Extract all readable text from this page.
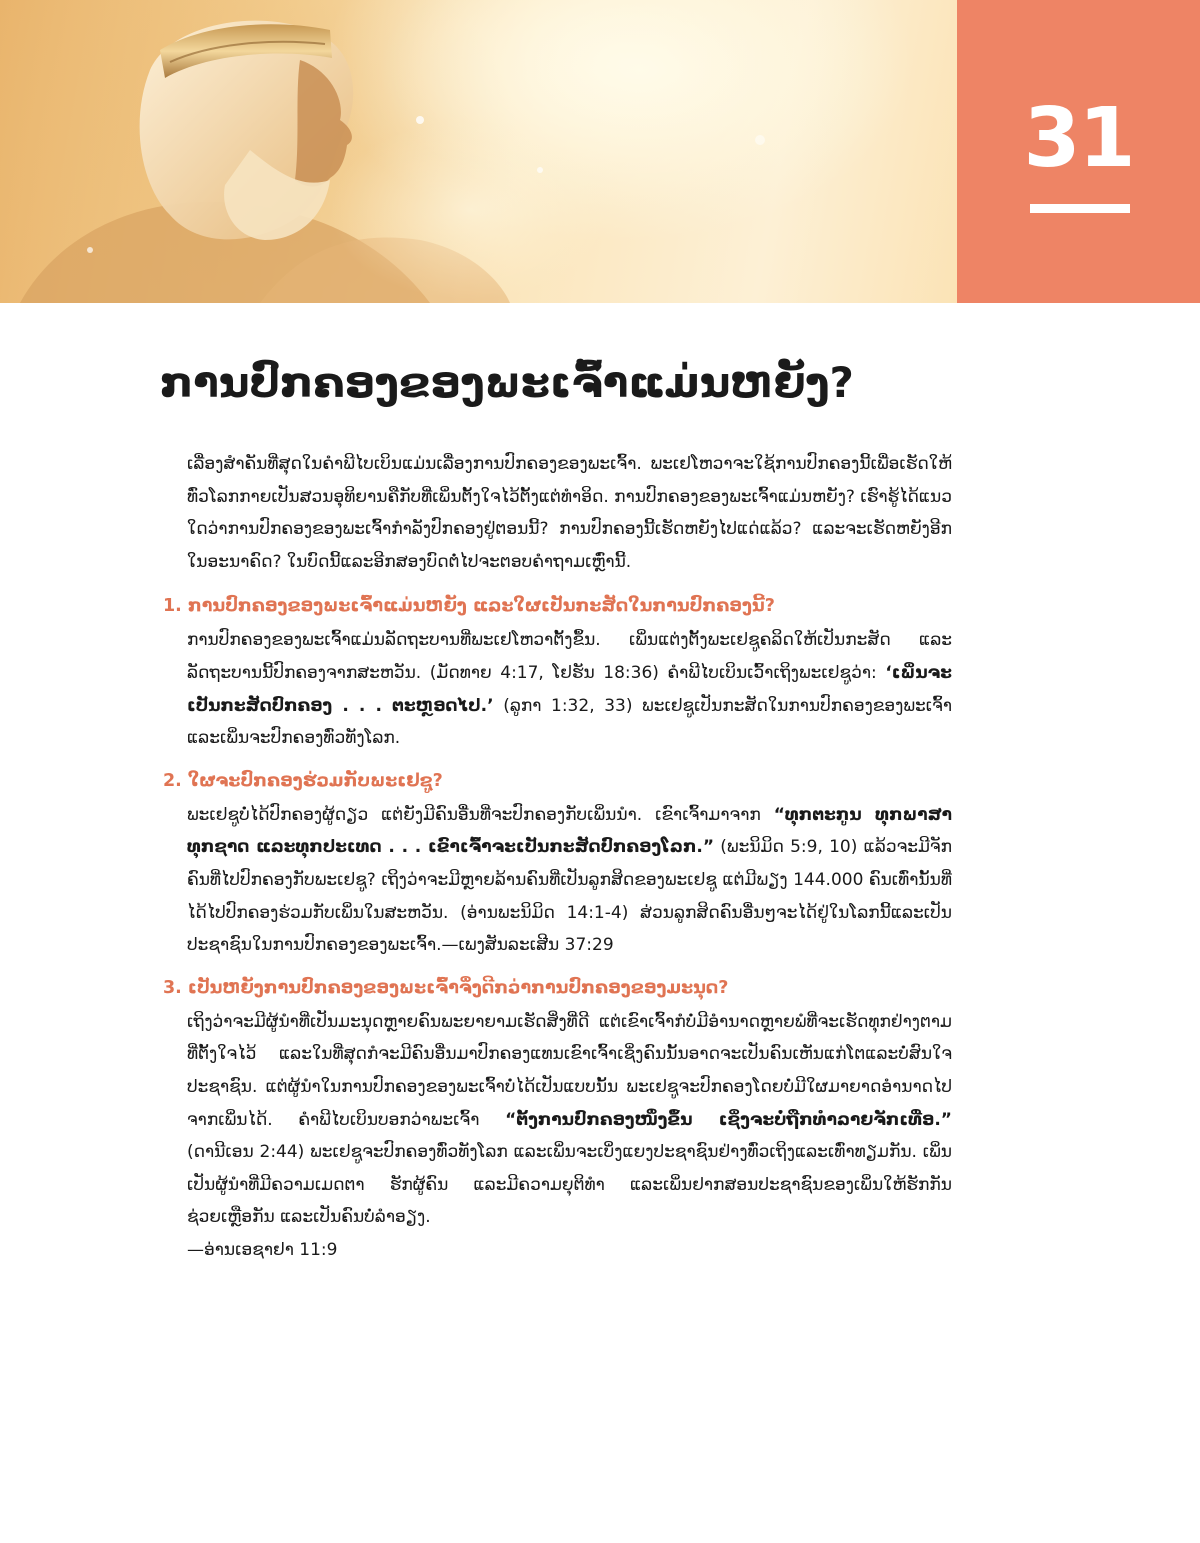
31
ການປົກຄອງຂອງພະເຈົ້າແມ່ນຫຍັງ?

ເລື່ອງສຳຄັນທີ່ສຸດໃນຄຳພີໄບເບິນແມ່ນເລື່ອງການປົກຄອງຂອງພະເຈົ້າ. ພະເຢໂຫວາຈະໃຊ້ການປົກຄອງນີ້ເພື່ອເຮັດໃຫ້ທົ່ວໂລກກາຍເປັນສວນອຸທິຍານຄືກັບທີ່ເພິ່ນຕັ້ງໃຈໄວ້ຕັ້ງແຕ່ທຳອິດ. ການປົກຄອງຂອງພະເຈົ້າແມ່ນຫຍັງ? ເຮົາຮູ້ໄດ້ແນວໃດວ່າການປົກຄອງຂອງພະເຈົ້າກຳລັງປົກຄອງຢູ່ຕອນນີ້? ການປົກຄອງນີ້ເຮັດຫຍັງໄປແດ່ແລ້ວ? ແລະຈະເຮັດຫຍັງອີກໃນອະນາຄົດ? ໃນບົດນີ້ແລະອີກສອງບົດຕໍ່ໄປຈະຕອບຄຳຖາມເຫຼົ່ານີ້.

1. ການປົກຄອງຂອງພະເຈົ້າແມ່ນຫຍັງ ແລະໃຜເປັນກະສັດໃນການປົກຄອງນີ້?

ການປົກຄອງຂອງພະເຈົ້າແມ່ນລັດຖະບານທີ່ພະເຢໂຫວາຕັ້ງຂຶ້ນ. ເພິ່ນແຕ່ງຕັ້ງພະເຢຊູຄລິດໃຫ້ເປັນກະສັດ ແລະລັດຖະບານນີ້ປົກຄອງຈາກສະຫວັນ. (ມັດທາຍ 4:17, ໂຢຮັນ 18:36) ຄຳພີໄບເບິນເວົ້າເຖິງພະເຢຊູວ່າ: ‘ເພິ່ນຈະເປັນກະສັດປົກຄອງ . . . ຕະຫຼອດໄປ.’ (ລູກາ 1:32, 33) ພະເຢຊູເປັນກະສັດໃນການປົກຄອງຂອງພະເຈົ້າ ແລະເພິ່ນຈະປົກຄອງທົ່ວທັງໂລກ.

2. ໃຜຈະປົກຄອງຮ່ວມກັບພະເຢຊູ?

ພະເຢຊູບໍ່ໄດ້ປົກຄອງຜູ້ດຽວ ແຕ່ຍັງມີຄົນອື່ນທີ່ຈະປົກຄອງກັບເພິ່ນນຳ. ເຂົາເຈົ້າມາຈາກ “ທຸກຕະກູນ ທຸກພາສາ ທຸກຊາດ ແລະທຸກປະເທດ . . . ເຂົາເຈົ້າຈະເປັນກະສັດປົກຄອງໂລກ.” (ພະນິມິດ 5:9, 10) ແລ້ວຈະມີຈັກຄົນທີ່ໄປປົກຄອງກັບພະເຢຊູ? ເຖິງວ່າຈະມີຫຼາຍລ້ານຄົນທີ່ເປັນລູກສິດຂອງພະເຢຊູ ແຕ່ມີພຽງ 144.000 ຄົນເທົ່ານັ້ນທີ່ໄດ້ໄປປົກຄອງຮ່ວມກັບເພິ່ນໃນສະຫວັນ. (ອ່ານພະນິມິດ 14:1-4) ສ່ວນລູກສິດຄົນອື່ນໆຈະໄດ້ຢູ່ໃນໂລກນີ້ແລະເປັນປະຊາຊົນໃນການປົກຄອງຂອງພະເຈົ້າ.—ເພງສັນລະເສີນ 37:29

3. ເປັນຫຍັງການປົກຄອງຂອງພະເຈົ້າຈຶ່ງດີກວ່າການປົກຄອງຂອງມະນຸດ?

ເຖິງວ່າຈະມີຜູ້ນຳທີ່ເປັນມະນຸດຫຼາຍຄົນພະຍາຍາມເຮັດສິ່ງທີ່ດີ ແຕ່ເຂົາເຈົ້າກໍບໍ່ມີອຳນາດຫຼາຍພໍທີ່ຈະເຮັດທຸກຢ່າງຕາມທີ່ຕັ້ງໃຈໄວ້ ແລະໃນທີ່ສຸດກໍຈະມີຄົນອື່ນມາປົກຄອງແທນເຂົາເຈົ້າເຊິ່ງຄົນນັ້ນອາດຈະເປັນຄົນເຫັນແກ່ໂຕແລະບໍ່ສົນໃຈປະຊາຊົນ. ແຕ່ຜູ້ນຳໃນການປົກຄອງຂອງພະເຈົ້າບໍ່ໄດ້ເປັນແບບນັ້ນ ພະເຢຊູຈະປົກຄອງໂດຍບໍ່ມີໃຜມາຍາດອຳນາດໄປຈາກເພິ່ນໄດ້. ຄຳພີໄບເບິນບອກວ່າພະເຈົ້າ “ຕັ້ງການປົກຄອງໜຶ່ງຂຶ້ນ ເຊິ່ງຈະບໍ່ຖືກທຳລາຍຈັກເທື່ອ.” (ດານີເອນ 2:44) ພະເຢຊູຈະປົກຄອງທົ່ວທັງໂລກ ແລະເພິ່ນຈະເບິ່ງແຍງປະຊາຊົນຢ່າງທົ່ວເຖິງແລະເທົ່າທຽມກັນ. ເພິ່ນເປັນຜູ້ນຳທີ່ມີຄວາມເມດຕາ ຮັກຜູ້ຄົນ ແລະມີຄວາມຍຸຕິທຳ ແລະເພິ່ນຢາກສອນປະຊາຊົນຂອງເພິ່ນໃຫ້ຮັກກັນ ຊ່ວຍເຫຼືອກັນ ແລະເປັນຄົນບໍ່ລຳອຽງ.
—ອ່ານເອຊາຢາ 11:9
